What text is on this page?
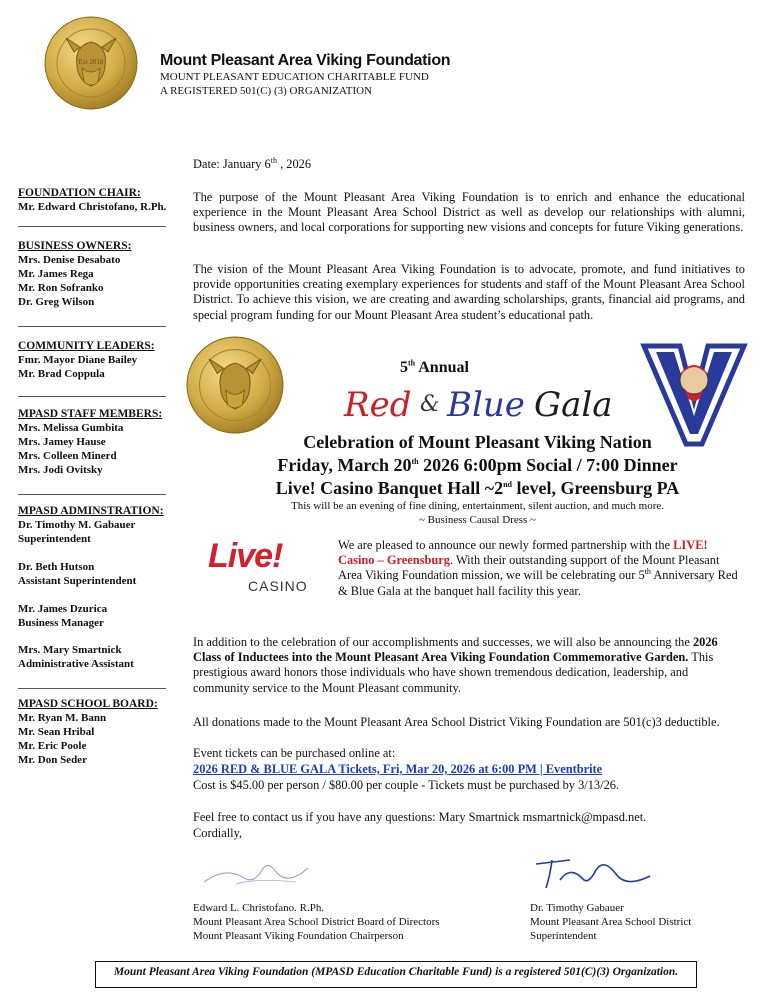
Est 2018	Mount Pleasant Area Viking Foundation
MOUNT PLEASANT EDUCATION CHARITABLE FUND
A REGISTERED 501(C) (3) ORGANIZATION
FOUNDATION CHAIR:
Mr. Edward Christofano, R.Ph.
BUSINESS OWNERS:
Mrs. Denise Desabato
Mr. James Rega
Mr. Ron Sofranko
Dr. Greg Wilson
COMMUNITY LEADERS:
Fmr. Mayor Diane Bailey
Mr. Brad Coppula
MPASD STAFF MEMBERS:
Mrs. Melissa Gumbita
Mrs. Jamey Hause
Mrs. Colleen Minerd
Mrs. Jodi Ovitsky
MPASD ADMINSTRATION:
Dr. Timothy M. Gabauer
Superintendent
Dr. Beth Hutson
Assistant Superintendent
Mr. James Dzurica
Business Manager
Mrs. Mary Smartnick
Administrative Assistant
MPASD SCHOOL BOARD:
Mr. Ryan M. Bann
Mr. Sean Hribal
Mr. Eric Poole
Mr. Don Seder
Date: January 6th , 2026
The purpose of the Mount Pleasant Area Viking Foundation is to enrich and enhance the educational experience in the Mount Pleasant Area School District as well as develop our relationships with alumni, business owners, and local corporations for supporting new visions and concepts for future Viking generations.
The vision of the Mount Pleasant Area Viking Foundation is to advocate, promote, and fund initiatives to provide opportunities creating exemplary experiences for students and staff of the Mount Pleasant Area School District. To achieve this vision, we are creating and awarding scholarships, grants, financial aid programs, and special program funding for our Mount Pleasant Area student’s educational path.
5th Annual
Red & Blue Gala
Celebration of Mount Pleasant Viking Nation
Friday, March 20th 2026 6:00pm Social / 7:00 Dinner
Live! Casino Banquet Hall ~2nd level, Greensburg PA
This will be an evening of fine dining, entertainment, silent auction, and much more.
~ Business Causal Dress ~
Live!
CASINO
We are pleased to announce our newly formed partnership with the LIVE! Casino – Greensburg. With their outstanding support of the Mount Pleasant Area Viking Foundation mission, we will be celebrating our 5th Anniversary Red & Blue Gala at the banquet hall facility this year.
In addition to the celebration of our accomplishments and successes, we will also be announcing the 2026 Class of Inductees into the Mount Pleasant Area Viking Foundation Commemorative Garden. This prestigious award honors those individuals who have shown tremendous dedication, leadership, and community service to the Mount Pleasant community.
All donations made to the Mount Pleasant Area School District Viking Foundation are 501(c)3 deductible.
Event tickets can be purchased online at:
2026 RED & BLUE GALA Tickets, Fri, Mar 20, 2026 at 6:00 PM | Eventbrite
Cost is $45.00 per person / $80.00 per couple - Tickets must be purchased by 3/13/26.
Feel free to contact us if you have any questions: Mary Smartnick msmartnick@mpasd.net.
Cordially,
Edward L. Christofano. R.Ph.
Mount Pleasant Area School District Board of Directors
Mount Pleasant Viking Foundation Chairperson
Dr. Timothy Gabauer
Mount Pleasant Area School District
Superintendent
Mount Pleasant Area Viking Foundation (MPASD Education Charitable Fund) is a registered 501(C)(3) Organization.
